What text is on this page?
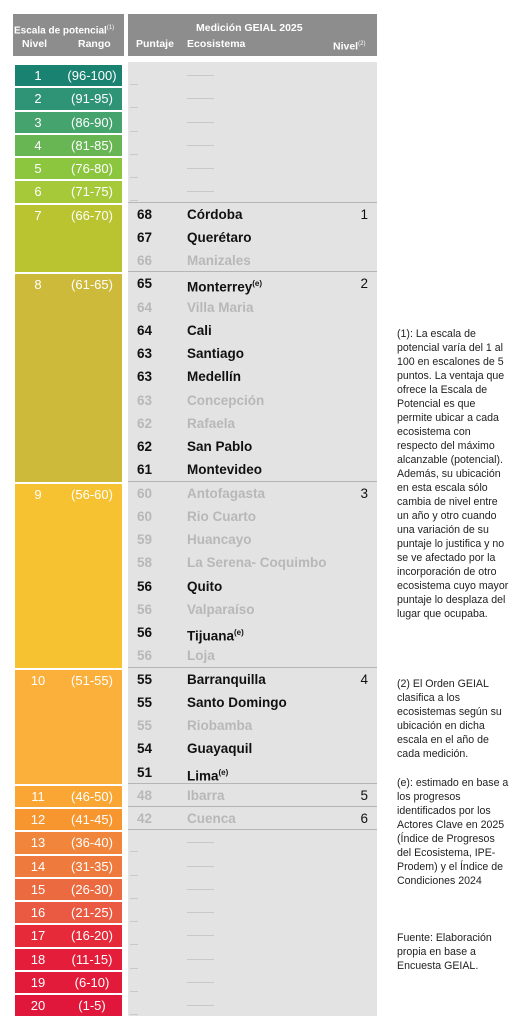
Escala de potencial$^{(1)}$
Nivel	Rango
Medición GEIAL 2025
Puntaje Ecosistema	Nivel$^{(2)}$
1	(96-100)
2	(91-95)
3	(86-90)
4	(81-85)
5	(76-80)
6	(71-75)
7	(66-70)
8	(61-65)
9	(56-60)
10	(51-55)
11	(46-50)
12	(41-45)
13	(36-40)
14	(31-35)
15	(26-30)
16	(21-25)
17	(16-20)
18	(11-15)
19	(6-10)
20	(1-5)
68	Córdoba	1
67	Querétaro
66	Manizales
65	Monterrey$^{(e)}$	2
64	Villa Maria
64	Cali
63	Santiago
63	Medellín
63	Concepción
62	Rafaela
62	San Pablo
61	Montevideo
60	Antofagasta	3
60	Rio Cuarto
59	Huancayo
58	La Serena- Coquimbo
56	Quito
56	Valparaíso
56	Tijuana$^{(e)}$
56	Loja
55	Barranquilla	4
55	Santo Domingo
55	Riobamba
54	Guayaquil
51	Lima$^{(e)}$
48	Ibarra	5
42	Cuenca	6

(1): La escala de potencial varía del 1 al 100 en escalones de 5 puntos. La ventaja que ofrece la Escala de Potencial es que permite ubicar a cada ecosistema con respecto del máximo alcanzable (potencial). Además, su ubicación en esta escala sólo cambia de nivel entre un año y otro cuando una variación de su puntaje lo justifica y no se ve afectado por la incorporación de otro ecosistema cuyo mayor puntaje lo desplaza del lugar que ocupaba.

(2) El Orden GEIAL clasifica a los ecosistemas según su ubicación en dicha escala en el año de cada medición.

(e): estimado en base a los progresos identificados por los Actores Clave en 2025 (Índice de Progresos del Ecosistema, IPE-Prodem) y el Índice de Condiciones 2024

Fuente: Elaboración propia en base a Encuesta GEIAL.
